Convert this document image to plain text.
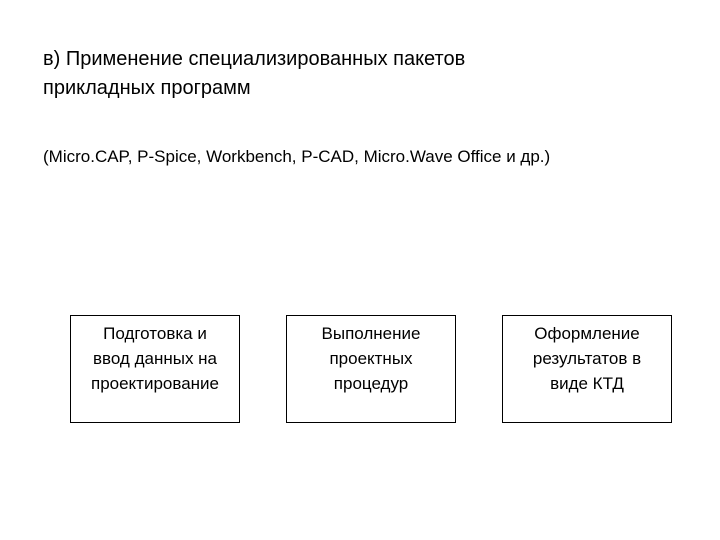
в) Применение специализированных пакетов
прикладных программ

(Micro.CAP, P-Spice, Workbench, P-CAD, Micro.Wave Office и др.)

Подготовка и
ввод данных на
проектирование
Выполнение
проектных
процедур
Оформление
результатов в
виде КТД
